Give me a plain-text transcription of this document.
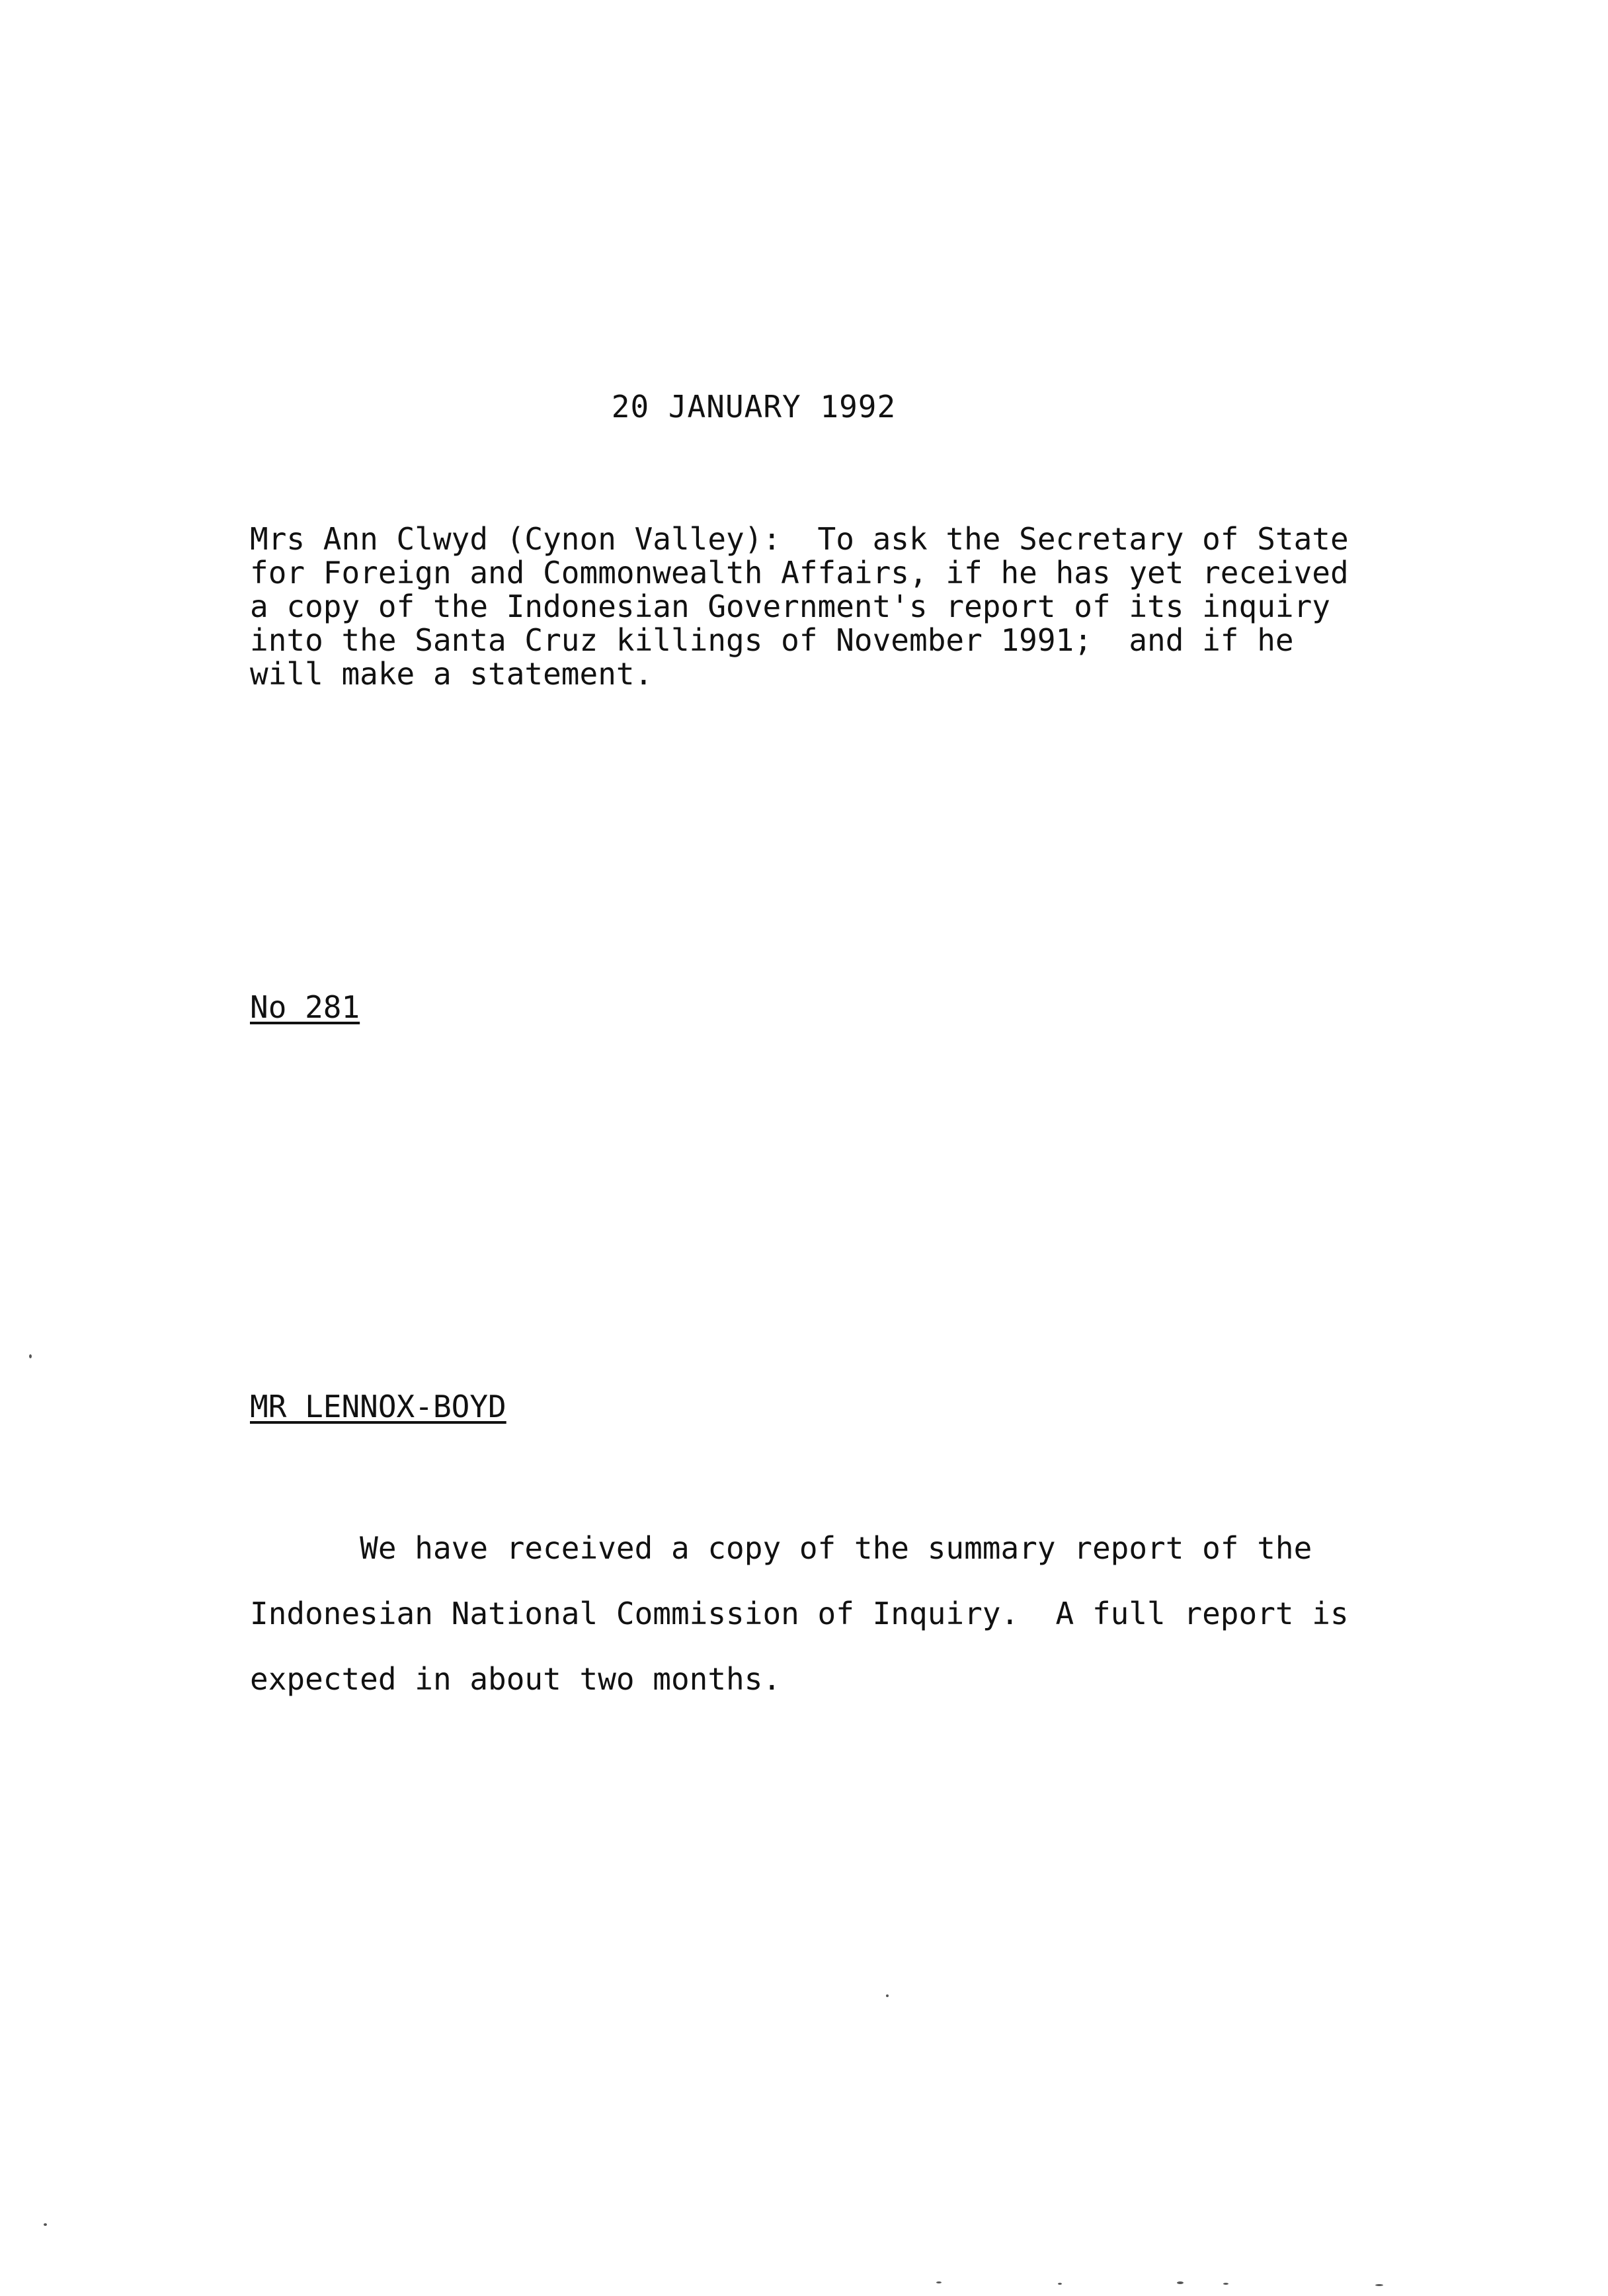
20 JANUARY 1992
Mrs Ann Clwyd (Cynon Valley):  To ask the Secretary of State
for Foreign and Commonwealth Affairs, if he has yet received
a copy of the Indonesian Government's report of its inquiry
into the Santa Cruz killings of November 1991;  and if he
will make a statement.
No 281
MR LENNOX-BOYD
We have received a copy of the summary report of the
Indonesian National Commission of Inquiry.  A full report is
expected in about two months.
